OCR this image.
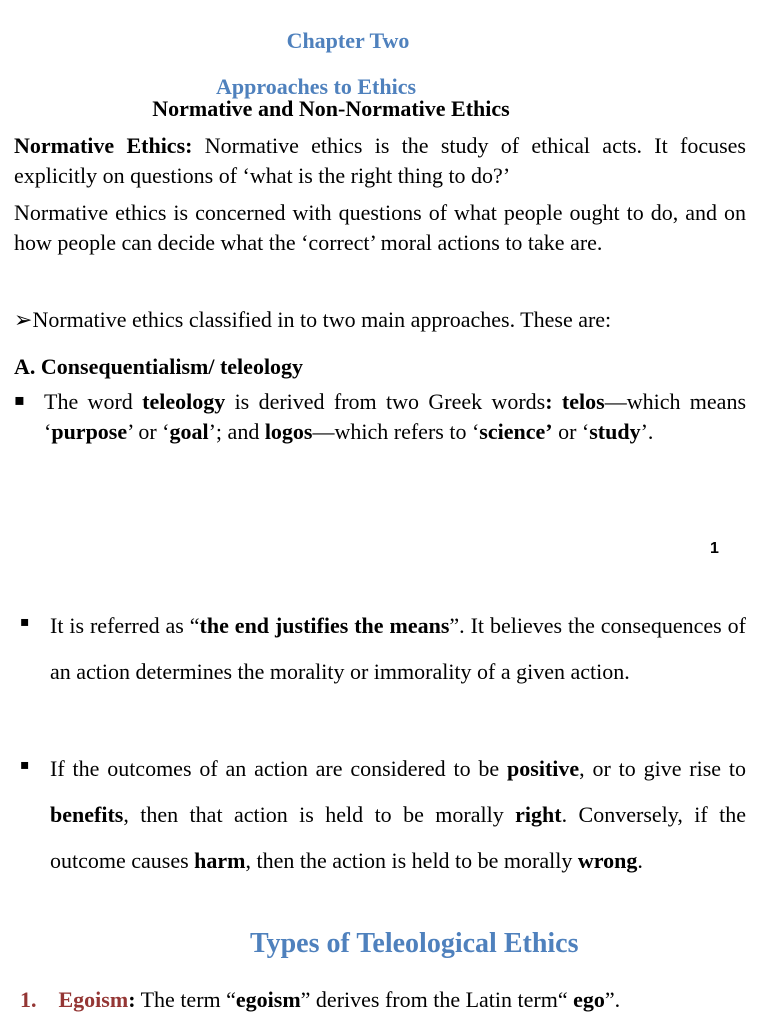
Chapter Two
Approaches to Ethics
Normative and Non-Normative Ethics
Normative Ethics: Normative ethics is the study of ethical acts. It focuses explicitly on questions of ‘what is the right thing to do?’
Normative ethics is concerned with questions of what people ought to do, and on how people can decide what the ‘correct’ moral actions to take are.
➢Normative ethics classified in to two main approaches. These are:
A. Consequentialism/ teleology
▪ The word teleology is derived from two Greek words: telos—which means ‘purpose’ or ‘goal’; and logos—which refers to ‘science’ or ‘study’.
1
▪ It is referred as “the end justifies the means”. It believes the consequences of an action determines the morality or immorality of a given action.
▪ If the outcomes of an action are considered to be positive, or to give rise to benefits, then that action is held to be morally right. Conversely, if the outcome causes harm, then the action is held to be morally wrong.
Types of Teleological Ethics
1. Egoism: The term “egoism” derives from the Latin term“ ego”.
